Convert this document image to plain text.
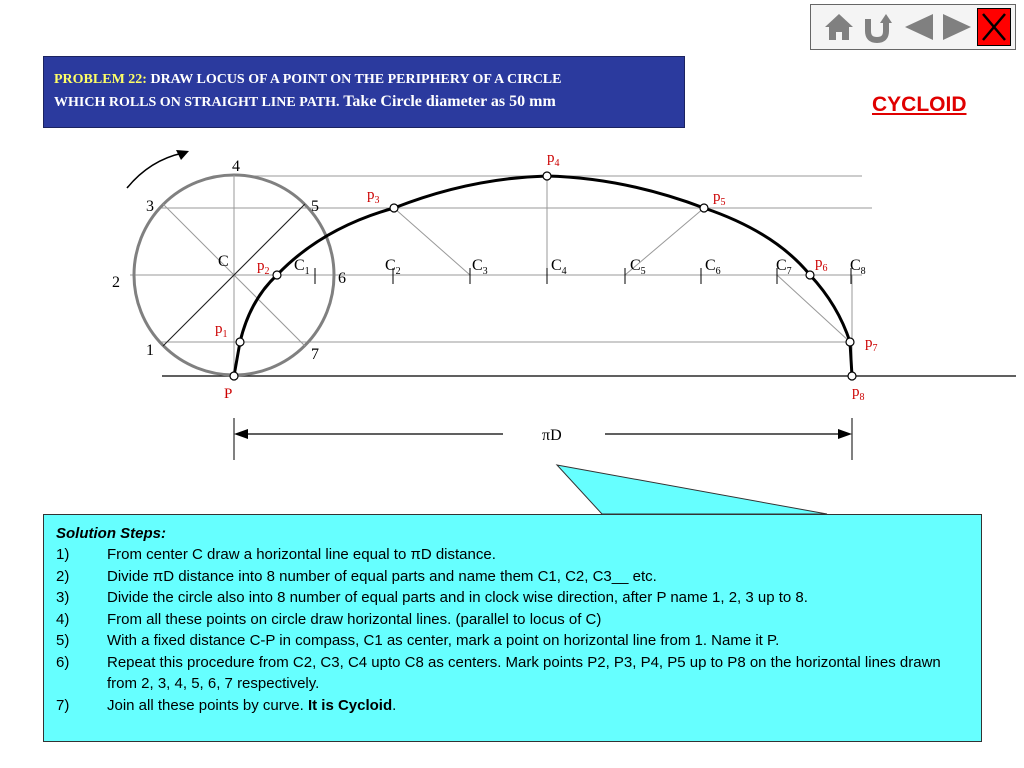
PROBLEM 22: DRAW LOCUS OF A POINT ON THE PERIPHERY OF A CIRCLE
WHICH ROLLS ON STRAIGHT LINE PATH. Take Circle diameter as 50 mm	CYCLOID
1
2
3
4
5
6
7
C	$C_1$	$C_2$	$C_3$	$C_4$	$C_5$	$C_6$	$C_7$	$C_8$
P
$p_1$
$p_2$
$p_3$
$p_4$
$p_5$
$p_6$
$p_7$
$p_8$
πD
Solution Steps:
1)	From center C draw a horizontal line equal to πD distance.
2)	Divide πD distance into 8 number of equal parts and name them C1, C2, C3__ etc.
3)	Divide the circle also into 8 number of equal parts and in clock wise direction, after P name 1, 2, 3 up to 8.
4)	From all these points on circle draw horizontal lines. (parallel to locus of C)
5)	With a fixed distance C-P in compass, C1 as center, mark a point on horizontal line from 1. Name it P.
6)	Repeat this procedure from C2, C3, C4 upto C8 as centers. Mark points P2, P3, P4, P5 up to P8 on the horizontal lines drawn from 2, 3, 4, 5, 6, 7 respectively.
7)	Join all these points by curve. It is Cycloid.
